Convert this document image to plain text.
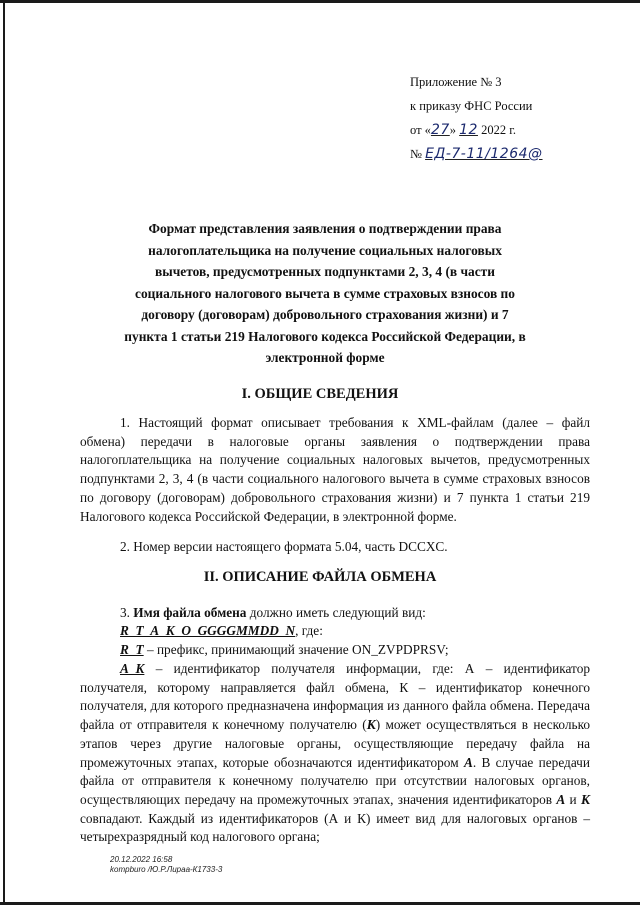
Приложение № 3
к приказу ФНС России
от «27» 12 2022 г.
№ ЕД-7-11/1264@
Формат представления заявления о подтверждении права
налогоплательщика на получение социальных налоговых
вычетов, предусмотренных подпунктами 2, 3, 4 (в части
социального налогового вычета в сумме страховых взносов по
договору (договорам) добровольного страхования жизни) и 7
пункта 1 статьи 219 Налогового кодекса Российской Федерации, в
электронной форме
I. ОБЩИЕ СВЕДЕНИЯ
1. Настоящий формат описывает требования к XML-файлам (далее – файл обмена) передачи в налоговые органы заявления о подтверждении права налогоплательщика на получение социальных налоговых вычетов, предусмотренных подпунктами 2, 3, 4 (в части социального налогового вычета в сумме страховых взносов по договору (договорам) добровольного страхования жизни) и 7 пункта 1 статьи 219 Налогового кодекса Российской Федерации, в электронной форме.
2. Номер версии настоящего формата 5.04, часть DCCXC.
II. ОПИСАНИЕ ФАЙЛА ОБМЕНА
3. Имя файла обмена должно иметь следующий вид:
R_T_A_K_O_GGGGMMDD_N, где:
R_T – префикс, принимающий значение ON_ZVPDPRSV;
A_K – идентификатор получателя информации, где: А – идентификатор получателя, которому направляется файл обмена, К – идентификатор конечного получателя, для которого предназначена информация из данного файла обмена. Передача файла от отправителя к конечному получателю (К) может осуществляться в несколько этапов через другие налоговые органы, осуществляющие передачу файла на промежуточных этапах, которые обозначаются идентификатором А. В случае передачи файла от отправителя к конечному получателю при отсутствии налоговых органов, осуществляющих передачу на промежуточных этапах, значения идентификаторов А и К совпадают. Каждый из идентификаторов (А и К) имеет вид для налоговых органов – четырехразрядный код налогового органа;
20.12.2022 16:58
kompburo /Ю.Р.Лиpaa-К1733-3
